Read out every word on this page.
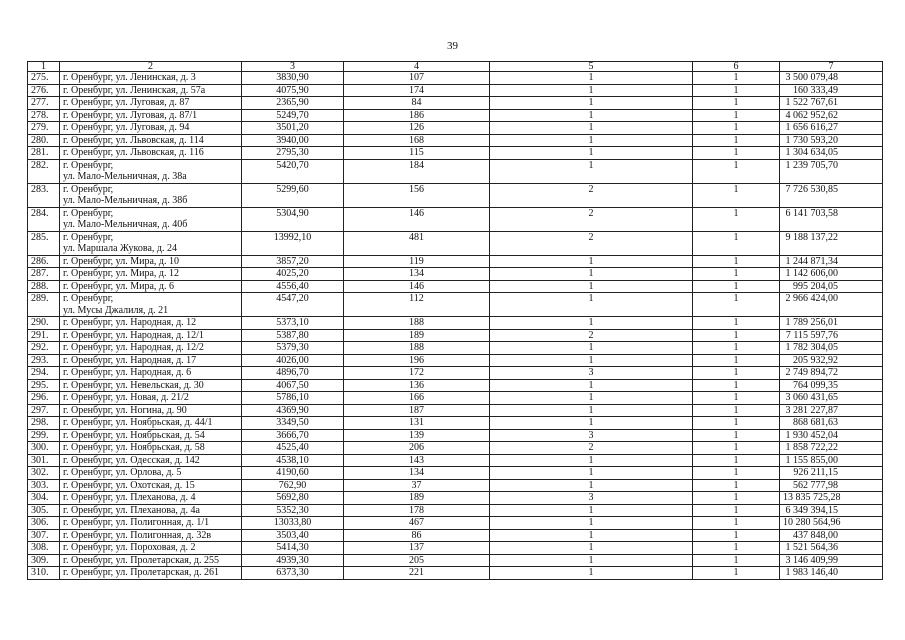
39
1	2	3	4	5	6	7
275.	г. Оренбург, ул. Ленинская, д. 3	3830,90	107	1	1	3 500 079,48
276.	г. Оренбург, ул. Ленинская, д. 57а	4075,90	174	1	1	160 333,49
277.	г. Оренбург, ул. Луговая, д. 87	2365,90	84	1	1	1 522 767,61
278.	г. Оренбург, ул. Луговая, д. 87/1	5249,70	186	1	1	4 062 952,62
279.	г. Оренбург, ул. Луговая, д. 94	3501,20	126	1	1	1 656 616,27
280.	г. Оренбург, ул. Львовская, д. 114	3940,00	168	1	1	1 730 593,20
281.	г. Оренбург, ул. Львовская, д. 116	2795,30	115	1	1	1 304 634,05
282.	г. Оренбург,
ул. Мало-Мельничная, д. 38а	5420,70	184	1	1	1 239 705,70
283.	г. Оренбург,
ул. Мало-Мельничная, д. 38б	5299,60	156	2	1	7 726 530,85
284.	г. Оренбург,
ул. Мало-Мельничная, д. 40б	5304,90	146	2	1	6 141 703,58
285.	г. Оренбург,
ул. Маршала Жукова, д. 24	13992,10	481	2	1	9 188 137,22
286.	г. Оренбург, ул. Мира, д. 10	3857,20	119	1	1	1 244 871,34
287.	г. Оренбург, ул. Мира, д. 12	4025,20	134	1	1	1 142 606,00
288.	г. Оренбург, ул. Мира, д. 6	4556,40	146	1	1	995 204,05
289.	г. Оренбург,
ул. Мусы Джалиля, д. 21	4547,20	112	1	1	2 966 424,00
290.	г. Оренбург, ул. Народная, д. 12	5373,10	188	1	1	1 789 256,01
291.	г. Оренбург, ул. Народная, д. 12/1	5387,80	189	2	1	7 115 597,76
292.	г. Оренбург, ул. Народная, д. 12/2	5379,30	188	1	1	1 782 304,05
293.	г. Оренбург, ул. Народная, д. 17	4026,00	196	1	1	205 932,92
294.	г. Оренбург, ул. Народная, д. 6	4896,70	172	3	1	2 749 894,72
295.	г. Оренбург, ул. Невельская, д. 30	4067,50	136	1	1	764 099,35
296.	г. Оренбург, ул. Новая, д. 21/2	5786,10	166	1	1	3 060 431,65
297.	г. Оренбург, ул. Ногина, д. 90	4369,90	187	1	1	3 281 227,87
298.	г. Оренбург, ул. Ноябрьская, д. 44/1	3349,50	131	1	1	868 681,63
299.	г. Оренбург, ул. Ноябрьская, д. 54	3666,70	139	3	1	1 930 452,04
300.	г. Оренбург, ул. Ноябрьская, д. 58	4525,40	206	2	1	1 858 722,22
301.	г. Оренбург, ул. Одесская, д. 142	4538,10	143	1	1	1 155 855,00
302.	г. Оренбург, ул. Орлова, д. 5	4190,60	134	1	1	926 211,15
303.	г. Оренбург, ул. Охотская, д. 15	762,90	37	1	1	562 777,98
304.	г. Оренбург, ул. Плеханова, д. 4	5692,80	189	3	1	13 835 725,28
305.	г. Оренбург, ул. Плеханова, д. 4а	5352,30	178	1	1	6 349 394,15
306.	г. Оренбург, ул. Полигонная, д. 1/1	13033,80	467	1	1	10 280 564,96
307.	г. Оренбург, ул. Полигонная, д. 32в	3503,40	86	1	1	437 848,00
308.	г. Оренбург, ул. Пороховая, д. 2	5414,30	137	1	1	1 521 564,36
309.	г. Оренбург, ул. Пролетарская, д. 255	4939,30	205	1	1	3 146 409,99
310.	г. Оренбург, ул. Пролетарская, д. 261	6373,30	221	1	1	1 983 146,40
